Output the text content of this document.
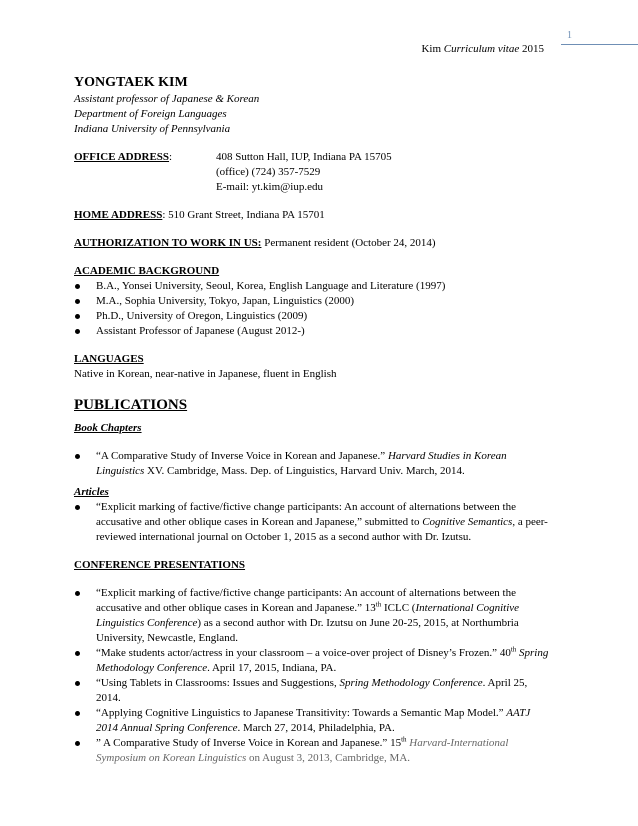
1
Kim Curriculum vitae 2015

YONGTAEK KIM

Assistant professor of Japanese & Korean

Department of Foreign Languages

Indiana University of Pennsylvania

OFFICE ADDRESS:	408 Sutton Hall, IUP, Indiana PA 15705

(office) (724) 357-7529

E-mail: yt.kim@iup.edu

HOME ADDRESS: 510 Grant Street, Indiana PA 15701

AUTHORIZATION TO WORK IN US: Permanent resident (October 24, 2014)

ACADEMIC BACKGROUND

B.A., Yonsei University, Seoul, Korea, English Language and Literature (1997)
M.A., Sophia University, Tokyo, Japan, Linguistics (2000)
Ph.D., University of Oregon, Linguistics (2009)
Assistant Professor of Japanese (August 2012-)

LANGUAGES

Native in Korean, near-native in Japanese, fluent in English

PUBLICATIONS

Book Chapters

“A Comparative Study of Inverse Voice in Korean and Japanese.” Harvard Studies in Korean Linguistics XV. Cambridge, Mass. Dep. of Linguistics, Harvard Univ. March, 2014.

Articles

“Explicit marking of factive/fictive change participants: An account of alternations between the accusative and other oblique cases in Korean and Japanese,” submitted to Cognitive Semantics, a peer-reviewed international journal on October 1, 2015 as a second author with Dr. Izutsu.

CONFERENCE PRESENTATIONS

“Explicit marking of factive/fictive change participants: An account of alternations between the accusative and other oblique cases in Korean and Japanese.” 13th ICLC (International Cognitive Linguistics Conference) as a second author with Dr. Izutsu on June 20-25, 2015, at Northumbria University, Newcastle, England.
“Make students actor/actress in your classroom – a voice-over project of Disney’s Frozen.” 40th Spring Methodology Conference. April 17, 2015, Indiana, PA.
“Using Tablets in Classrooms: Issues and Suggestions, Spring Methodology Conference. April 25, 2014.
“Applying Cognitive Linguistics to Japanese Transitivity: Towards a Semantic Map Model.” AATJ 2014 Annual Spring Conference. March 27, 2014, Philadelphia, PA.
” A Comparative Study of Inverse Voice in Korean and Japanese.” 15th Harvard-International Symposium on Korean Linguistics on August 3, 2013, Cambridge, MA.
